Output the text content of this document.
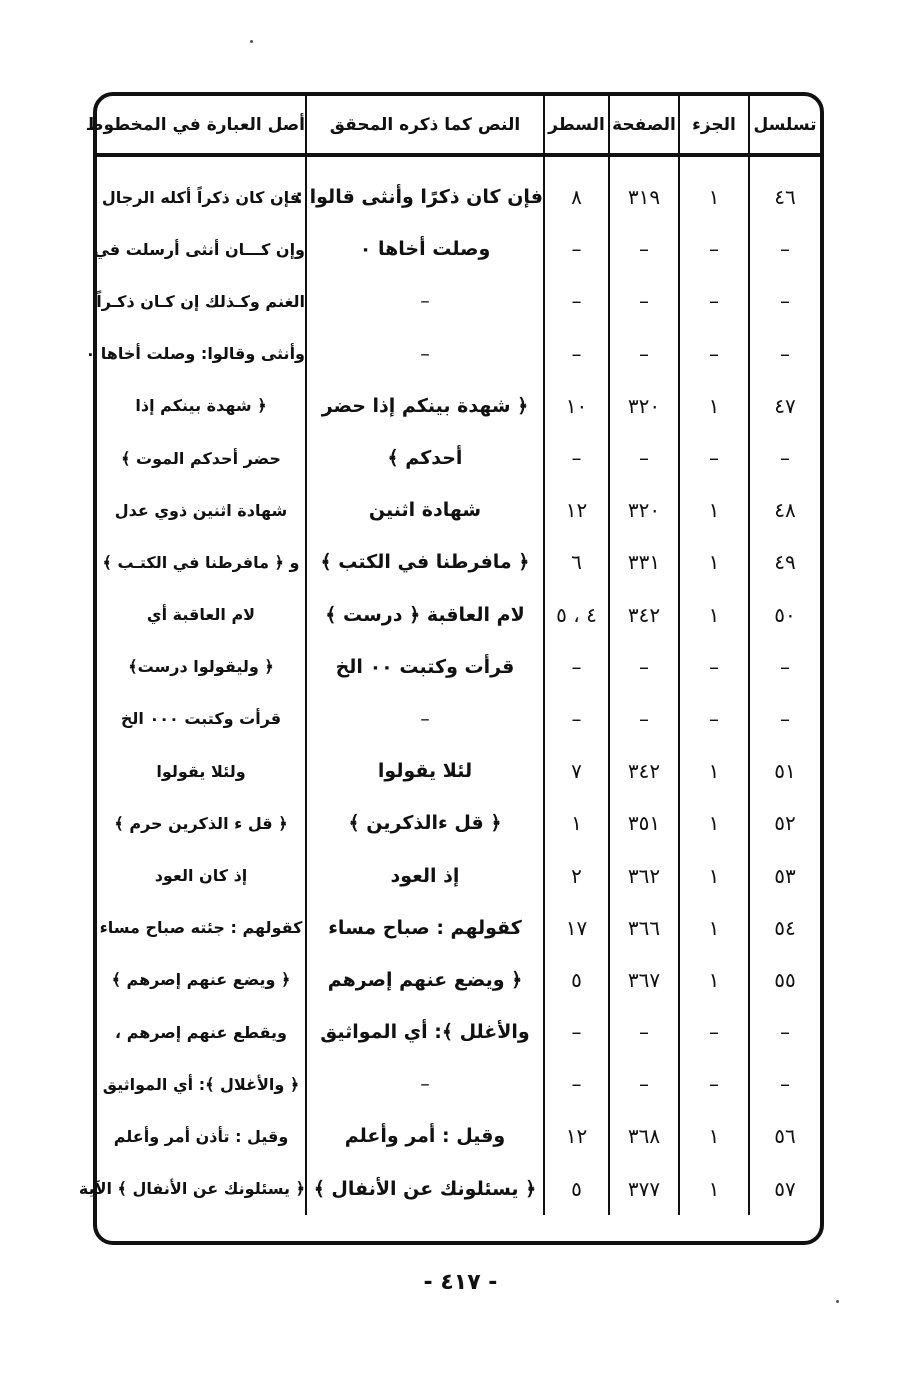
تسلسل	الجزء	الصفحة	السطر	النص كما ذكره المحقق	أصل العبارة في المخطوط
٤٦	١	٣١٩	٨	فإن كان ذكرًا وأنثى قالوا :	فإن كان ذكراً أكله الرجال
–	–	–	–	وصلت أخاها ٠	وإن كـــان أنثى أرسلت في
–	–	–	–	–	الغنم وكـذلك إن كـان ذكـراً
–	–	–	–	–	وأنثى وقالوا: وصلت أخاها ٠
٤٧	١	٣٢٠	١٠	﴿ شهدة بينكم إذا حضر	﴿ شهدة بينكم إذا
–	–	–	–	أحدكم ﴾	حضر أحدكم الموت ﴾
٤٨	١	٣٢٠	١٢	شهادة اثنين	شهادة اثنين ذوي عدل
٤٩	١	٣٣١	٦	﴿ مافرطنا في الكتب ﴾	و ﴿ مافرطنا في الكتـب ﴾
٥٠	١	٣٤٢	٤ ، ٥	لام العاقبة ﴿ درست ﴾	لام العاقبة أي
–	–	–	–	قرأت وكتبت ٠٠ الخ	﴿ وليقولوا درست﴾
–	–	–	–	–	قرأت وكتبت ٠٠٠ الخ
٥١	١	٣٤٢	٧	لئلا يقولوا	ولئلا يقولوا
٥٢	١	٣٥١	١	﴿ قل ءالذكرين ﴾	﴿ قل ء الذكرين حرم ﴾
٥٣	١	٣٦٢	٢	إذ العود	إذ كان العود
٥٤	١	٣٦٦	١٧	كقولهم : صباح مساء	كقولهم : جئته صباح مساء
٥٥	١	٣٦٧	٥	﴿ ويضع عنهم إصرهم	﴿ ويضع عنهم إصرهم ﴾
–	–	–	–	والأغلل ﴾: أي المواثيق	ويقطع عنهم إصرهم ،
–	–	–	–	–	﴿ والأغلال ﴾: أي المواثيق
٥٦	١	٣٦٨	١٢	وقيل : أمر وأعلم	وقيل : تأذن أمر وأعلم
٥٧	١	٣٧٧	٥	﴿ يسئلونك عن الأنفال ﴾	﴿ يسئلونك عن الأنفال ﴾ الآية
- ٤١٧ -
